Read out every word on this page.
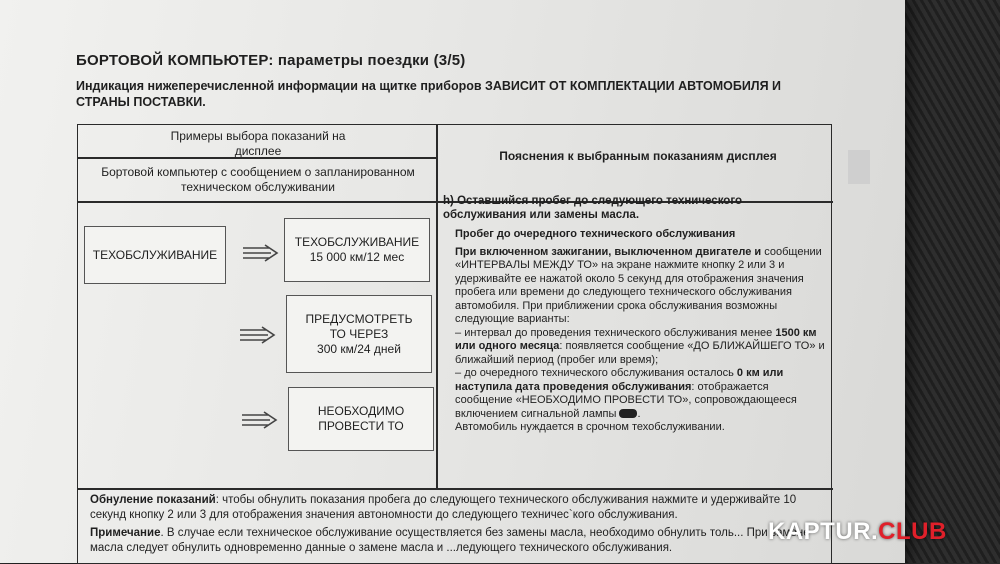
БОРТОВОЙ КОМПЬЮТЕР: параметры поездки (3/5)
Индикация нижеперечисленной информации на щитке приборов ЗАВИСИТ ОТ КОМПЛЕКТАЦИИ АВТОМОБИЛЯ И СТРАНЫ ПОСТАВКИ.
Примеры выбора показаний на дисплее
Бортовой компьютер с сообщением о запланированном техническом обслуживании
Пояснения к выбранным показаниям дисплея
ТЕХОБСЛУЖИВАНИЕ
ТЕХОБСЛУЖИВАНИЕ
15 000 км/12 мес
ПРЕДУСМОТРЕТЬ
ТО ЧЕРЕЗ
300 км/24 дней
НЕОБХОДИМО
ПРОВЕСТИ ТО

h) Оставшийся пробег до следующего технического обслуживания или замены масла.

Пробег до очередного технического обслуживания

При включенном зажигании, выключенном двигателе и сообщении «ИНТЕРВАЛЫ МЕЖДУ ТО» на экране нажмите кнопку 2 или 3 и удерживайте ее нажатой около 5 секунд для отображения значения пробега или времени до следующего технического обслуживания автомобиля. При приближении срока обслуживания возможны следующие варианты:

– интервал до проведения технического обслуживания менее 1500 км или одного месяца: появляется сообщение «ДО БЛИЖАЙШЕГО ТО» и ближайший период (пробег или время);

– до очередного технического обслуживания осталось 0 км или наступила дата проведения обслуживания: отображается сообщение «НЕОБХОДИМО ПРОВЕСТИ ТО», сопровождающееся включением сигнальной лампы .

Автомобиль нуждается в срочном техобслуживании.

Обнуление показаний: чтобы обнулить показания пробега до следующего технического обслуживания нажмите и удерживайте 10 секунд кнопку 2 или 3 для отображения значения автономности до следующего техничес`кого обслуживания.

Примечание. В случае если техническое обслуживание осуществляется без замены масла, необходимо обнулить толь... При замене масла следует обнулить одновременно данные о замене масла и ...ледующего технического обслуживания.

KAPTUR.CLUB
